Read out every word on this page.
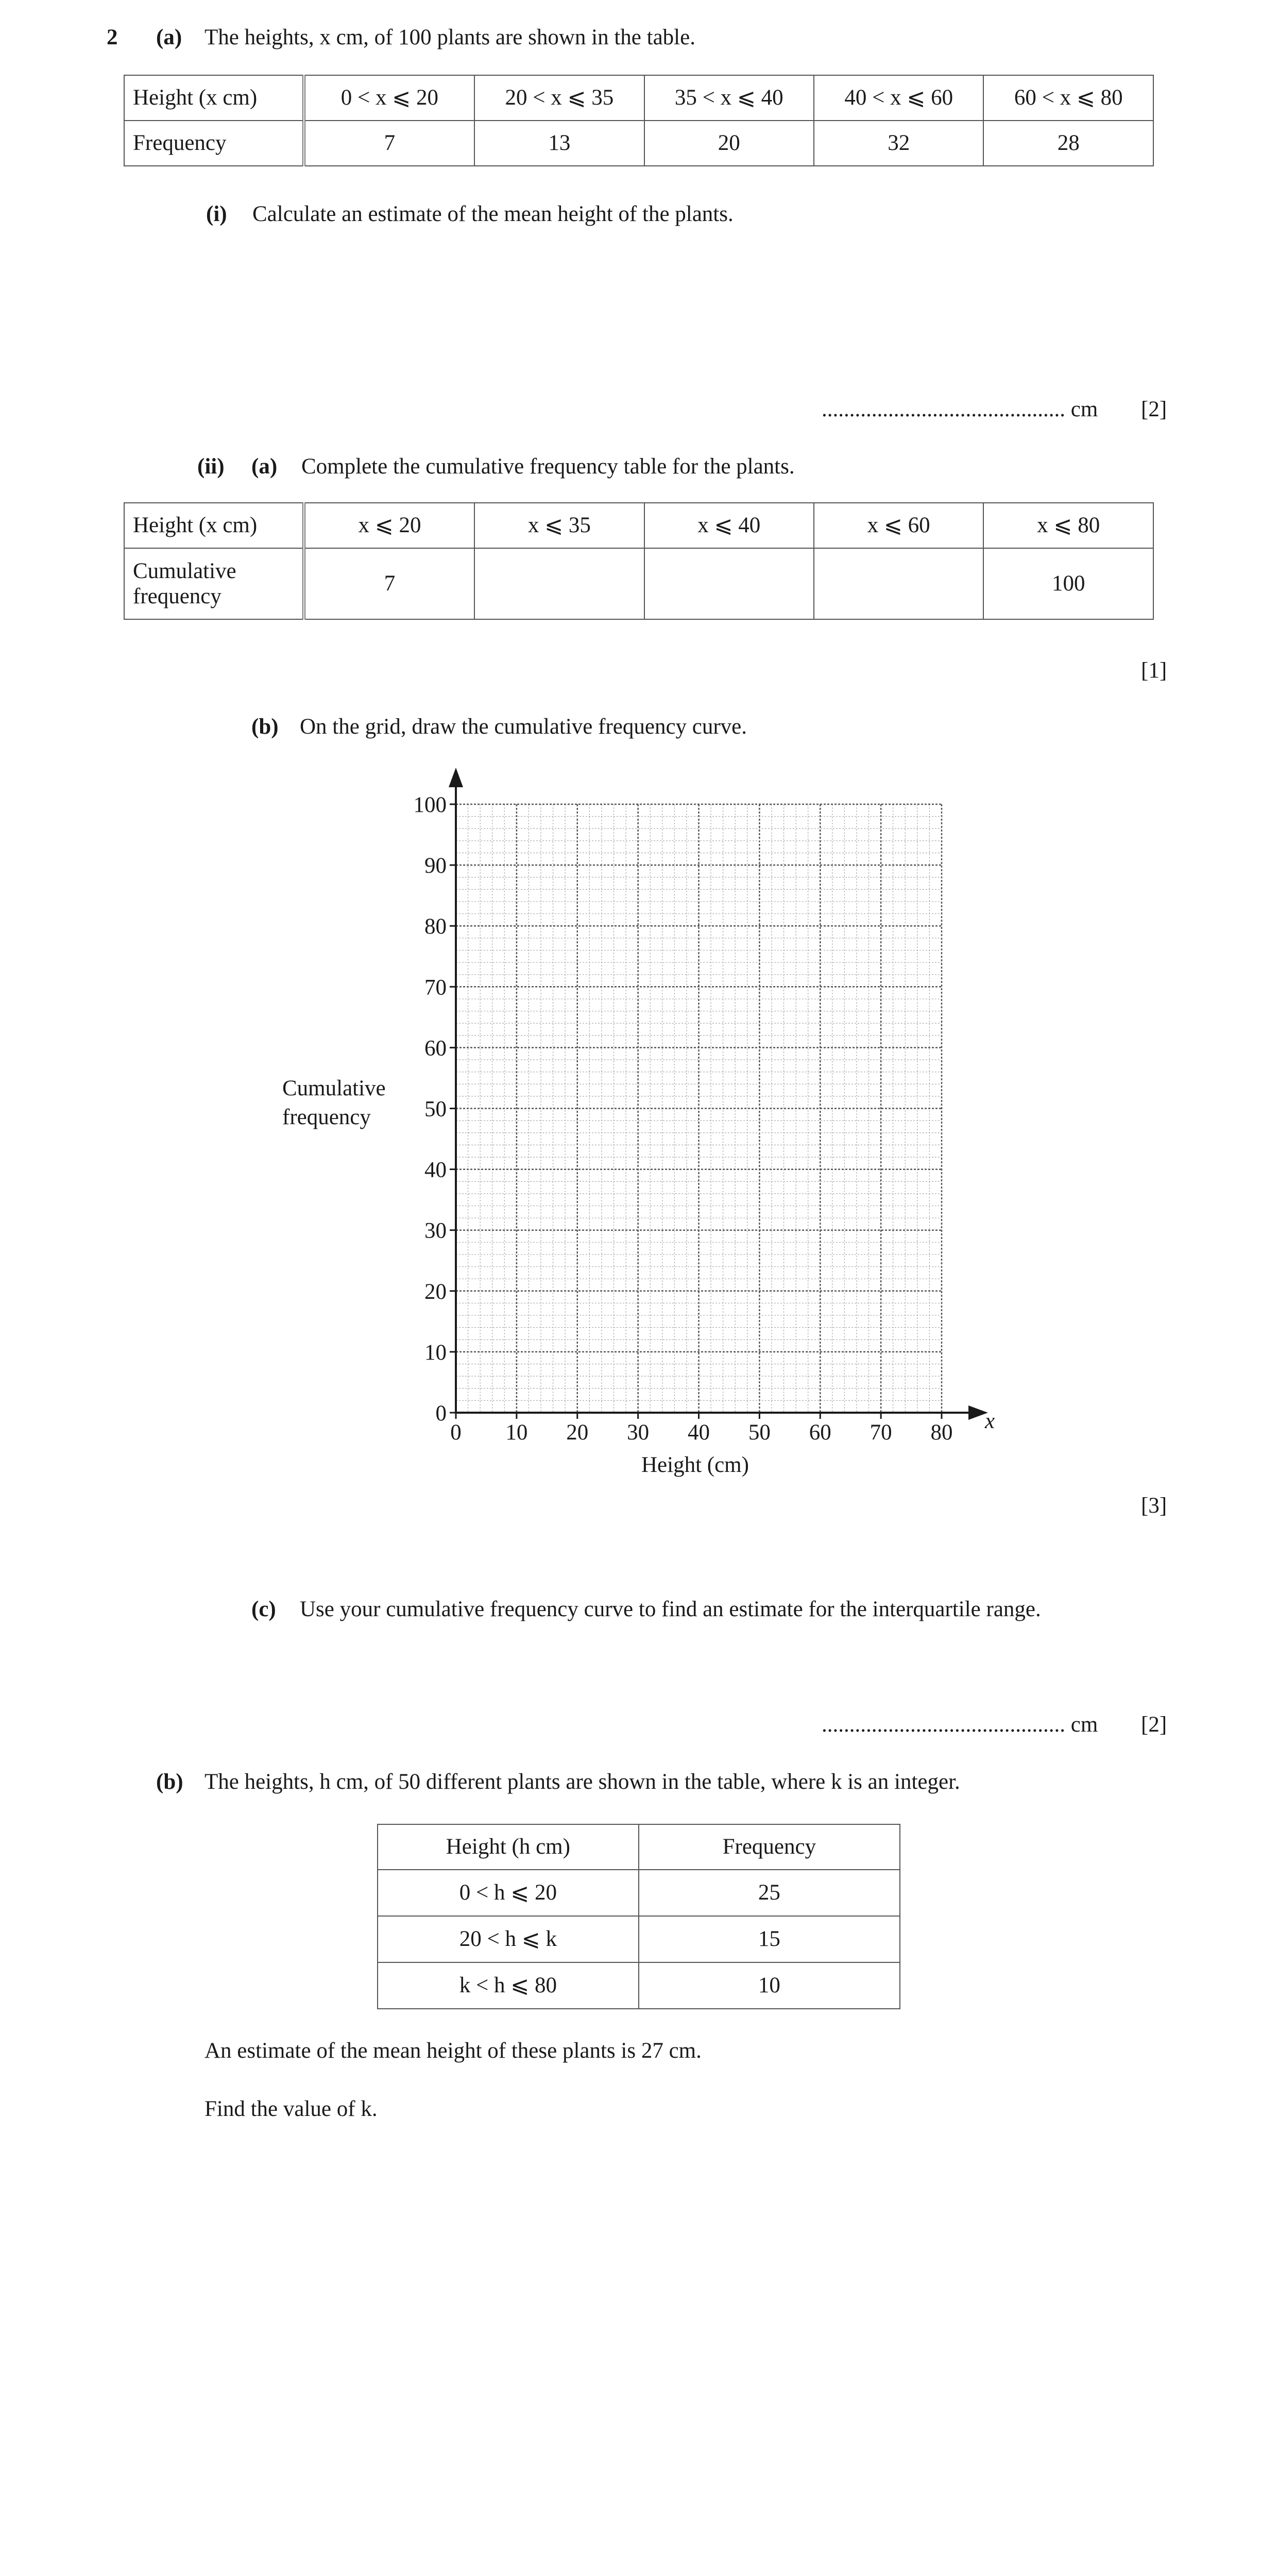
2 (a) The heights, x cm, of 100 plants are shown in the table.
Height (x cm)	0 < x ⩽ 20	20 < x ⩽ 35	35 < x ⩽ 40	40 < x ⩽ 60	60 < x ⩽ 80
Frequency	7	13	20	32	28
(i) Calculate an estimate of the mean height of the plants.
............................................ cm [2]
(ii) (a) Complete the cumulative frequency table for the plants.
Height (x cm)	x ⩽ 20	x ⩽ 35	x ⩽ 40	x ⩽ 60	x ⩽ 80
Cumulative frequency	7				100
[1]
(b) On the grid, draw the cumulative frequency curve.
Cumulative
frequency
0 10 20 30 40 50 60 70 80
0
10
20
30
40
50
60
70
80
90
100
x
Height (cm)
[3]
(c) Use your cumulative frequency curve to find an estimate for the interquartile range.
............................................ cm [2]
(b) The heights, h cm, of 50 different plants are shown in the table, where k is an integer.
Height (h cm)	Frequency
0 < h ⩽ 20	25
20 < h ⩽ k	15
k < h ⩽ 80	10
An estimate of the mean height of these plants is 27 cm.
Find the value of k.
